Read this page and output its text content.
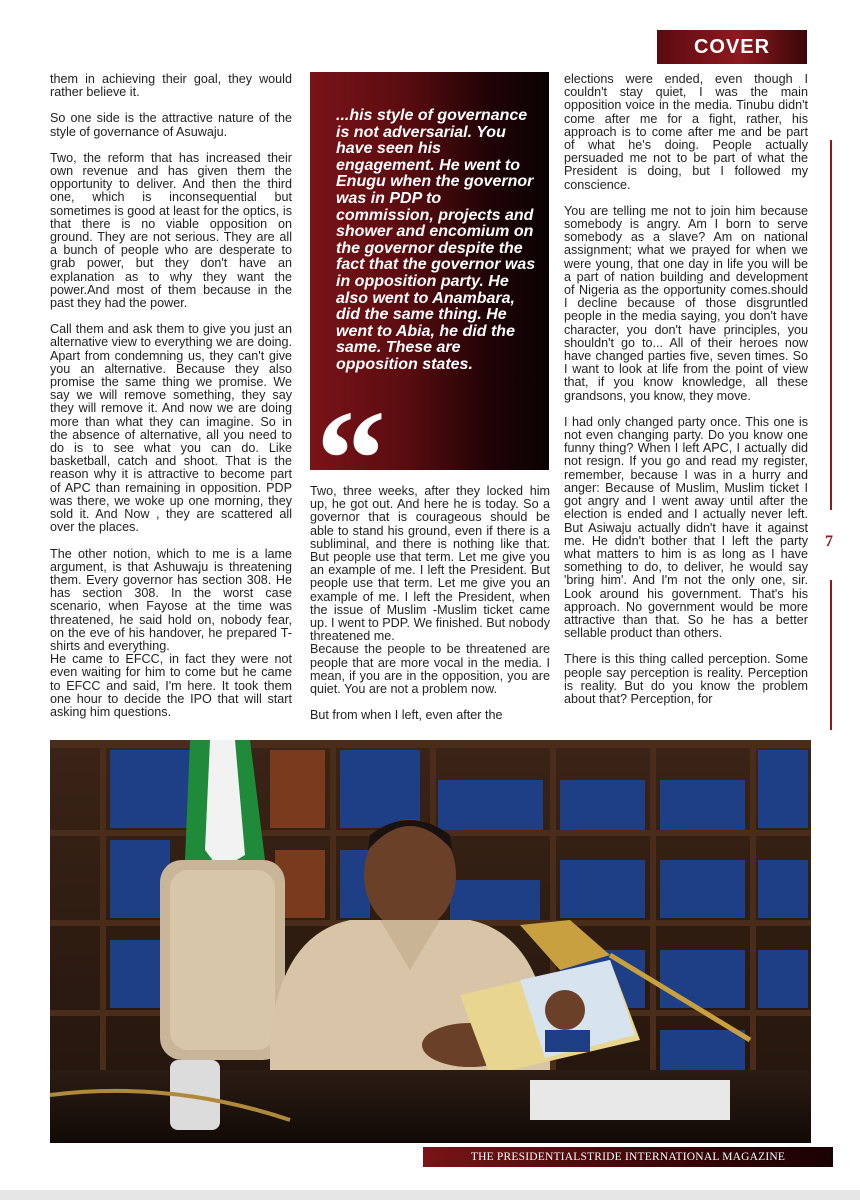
COVER
7

them in achieving their goal, they would rather believe it.

So one side is the attractive nature of the style of governance of Asuwaju.

Two, the reform that has increased their own revenue and has given them the opportunity to deliver. And then the third one, which is inconsequential but sometimes is good at least for the optics, is that there is no viable opposition on ground. They are not serious. They are all a bunch of people who are desperate to grab power, but they don't have an explanation as to why they want the power.And most of them because in the past they had the power.

Call them and ask them to give you just an alternative view to everything we are doing. Apart from condemning us, they can't give you an alternative. Because they also promise the same thing we promise. We say we will remove something, they say they will remove it. And now we are doing more than what they can imagine. So in the absence of alternative, all you need to do is to see what you can do. Like basketball, catch and shoot. That is the reason why it is attractive to become part of APC than remaining in opposition. PDP was there, we woke up one morning, they sold it. And Now , they are scattered all over the places.

The other notion, which to me is a lame argument, is that Ashuwaju is threatening them. Every governor has section 308. He has section 308. In the worst case scenario, when Fayose at the time was threatened, he said hold on, nobody fear, on the eve of his handover, he prepared T-shirts and everything.

He came to EFCC, in fact they were not even waiting for him to come but he came to EFCC and said, I'm here. It took them one hour to decide the IPO that will start asking him questions.

...his style of governance is not adversarial. You have seen his engagement. He went to Enugu when the governor was in PDP to commission, projects and shower and encomium on the governor despite the fact that the governor was in opposition party. He also went to Anambara, did the same thing. He went to Abia, he did the same. These are opposition states.
“

Two, three weeks, after they locked him up, he got out. And here he is today. So a governor that is courageous should be able to stand his ground, even if there is a subliminal, and there is nothing like that. But people use that term. Let me give you an example of me. I left the President. But people use that term. Let me give you an example of me. I left the President, when the issue of Muslim -Muslim ticket came up. I went to PDP. We finished. But nobody threatened me.

Because the people to be threatened are people that are more vocal in the media. I mean, if you are in the opposition, you are quiet. You are not a problem now.

But from when I left, even after the

elections were ended, even though I couldn't stay quiet, I was the main opposition voice in the media. Tinubu didn't come after me for a fight, rather, his approach is to come after me and be part of what he's doing. People actually persuaded me not to be part of what the President is doing, but I followed my conscience.

You are telling me not to join him because somebody is angry. Am I born to serve somebody as a slave? Am on national assignment; what we prayed for when we were young, that one day in life you will be a part of nation building and development of Nigeria as the opportunity comes.should I decline because of those disgruntled people in the media saying, you don't have character, you don't have principles, you shouldn't go to... All of their heroes now have changed parties five, seven times. So I want to look at life from the point of view that, if you know knowledge, all these grandsons, you know, they move.

I had only changed party once. This one is not even changing party. Do you know one funny thing? When I left APC, I actually did not resign. If you go and read my register, remember, because I was in a hurry and anger: Because of Muslim, Muslim ticket I got angry and I went away until after the election is ended and I actually never left. But Asiwaju actually didn't have it against me. He didn't bother that I left the party what matters to him is as long as I have something to do, to deliver, he would say 'bring him'. And I'm not the only one, sir. Look around his government. That's his approach. No government would be more attractive than that. So he has a better sellable product than others.

There is this thing called perception. Some people say perception is reality. Perception is reality. But do you know the problem about that? Perception, for

THE PRESIDENTIALSTRIDE INTERNATIONAL MAGAZINE
